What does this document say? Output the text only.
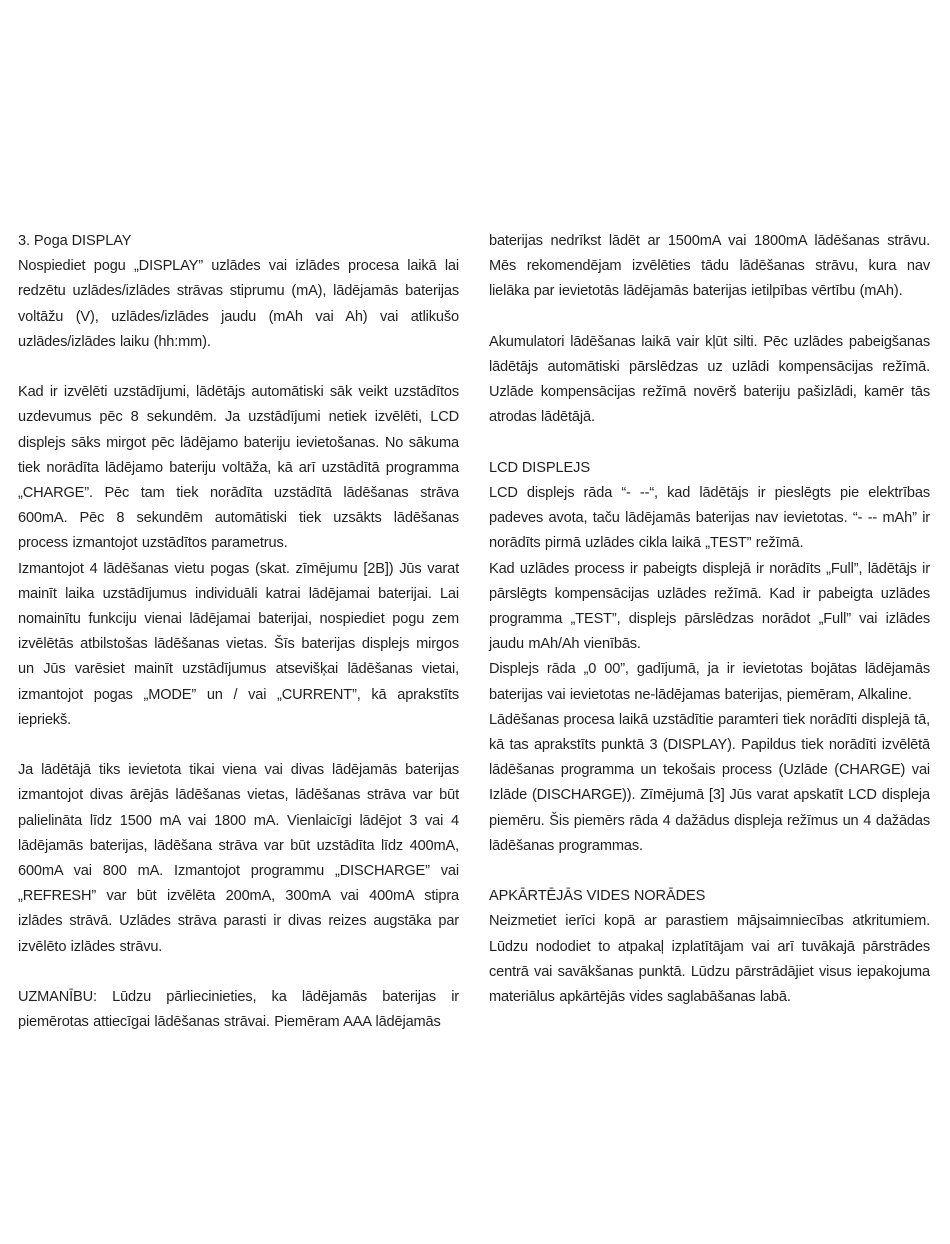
3. Poga DISPLAY

Nospiediet pogu „DISPLAY” uzlādes vai izlādes procesa laikā lai redzētu uzlādes/izlādes strāvas stiprumu (mA), lādējamās baterijas voltāžu (V), uzlādes/izlādes jaudu (mAh vai Ah) vai atlikušo uzlādes/izlādes laiku (hh:mm).

Kad ir izvēlēti uzstādījumi, lādētājs automātiski sāk veikt uzstādītos uzdevumus pēc 8 sekundēm. Ja uzstādījumi netiek izvēlēti, LCD displejs sāks mirgot pēc lādējamo bateriju ievietošanas. No sākuma tiek norādīta lādējamo bateriju voltāža, kā arī uzstādītā programma „CHARGE”. Pēc tam tiek norādīta uzstādītā lādēšanas strāva 600mA. Pēc 8 sekundēm automātiski tiek uzsākts lādēšanas process izmantojot uzstādītos parametrus.

Izmantojot 4 lādēšanas vietu pogas (skat. zīmējumu [2B]) Jūs varat mainīt laika uzstādījumus individuāli katrai lādējamai baterijai. Lai nomainītu funkciju vienai lādējamai baterijai, nospiediet pogu zem izvēlētās atbilstošas lādēšanas vietas. Šīs baterijas displejs mirgos un Jūs varēsiet mainīt uzstādījumus atsevišķai lādēšanas vietai, izmantojot pogas „MODE” un / vai „CURRENT”, kā aprakstīts iepriekš.

Ja lādētājā tiks ievietota tikai viena vai divas lādējamās baterijas izmantojot divas ārējās lādēšanas vietas, lādēšanas strāva var būt palielināta līdz 1500 mA vai 1800 mA. Vienlaicīgi lādējot 3 vai 4 lādējamās baterijas, lādēšana strāva var būt uzstādīta līdz 400mA, 600mA vai 800 mA. Izmantojot programmu „DISCHARGE” vai „REFRESH” var būt izvēlēta 200mA, 300mA vai 400mA stipra izlādes strāvā. Uzlādes strāva parasti ir divas reizes augstāka par izvēlēto izlādes strāvu.

UZMANĪBU: Lūdzu pārliecinieties, ka lādējamās baterijas ir piemērotas attiecīgai lādēšanas strāvai. Piemēram AAA lādējamās

baterijas nedrīkst lādēt ar 1500mA vai 1800mA lādēšanas strāvu. Mēs rekomendējam izvēlēties tādu lādēšanas strāvu, kura nav lielāka par ievietotās lādējamās baterijas ietilpības vērtību (mAh).

Akumulatori lādēšanas laikā vair kļūt silti. Pēc uzlādes pabeigšanas lādētājs automātiski pārslēdzas uz uzlādi kompensācijas režīmā. Uzlāde kompensācijas režīmā novērš bateriju pašizlādi, kamēr tās atrodas lādētājā.

LCD DISPLEJS

LCD displejs rāda “- --“, kad lādētājs ir pieslēgts pie elektrības padeves avota, taču lādējamās baterijas nav ievietotas. “- -- mAh” ir norādīts pirmā uzlādes cikla laikā „TEST” režīmā.

Kad uzlādes process ir pabeigts displejā ir norādīts „Full”, lādētājs ir pārslēgts kompensācijas uzlādes režīmā. Kad ir pabeigta uzlādes programma „TEST”, displejs pārslēdzas norādot „Full” vai izlādes jaudu mAh/Ah vienībās.

Displejs rāda „0 00”, gadījumā, ja ir ievietotas bojātas lādējamās baterijas vai ievietotas ne-lādējamas baterijas, piemēram, Alkaline.

Lādēšanas procesa laikā uzstādītie paramteri tiek norādīti displejā tā, kā tas aprakstīts punktā 3 (DISPLAY). Papildus tiek norādīti izvēlētā lādēšanas programma un tekošais process (Uzlāde (CHARGE) vai Izlāde (DISCHARGE)). Zīmējumā [3] Jūs varat apskatīt LCD displeja piemēru. Šis piemērs rāda 4 dažādus displeja režīmus un 4 dažādas lādēšanas programmas.

APKĀRTĒJĀS VIDES NORĀDES

Neizmetiet ierīci kopā ar parastiem mājsaimniecības atkritumiem. Lūdzu nododiet to atpakaļ izplatītājam vai arī tuvākajā pārstrādes centrā vai savākšanas punktā. Lūdzu pārstrādājiet visus iepakojuma materiālus apkārtējās vides saglabāšanas labā.
